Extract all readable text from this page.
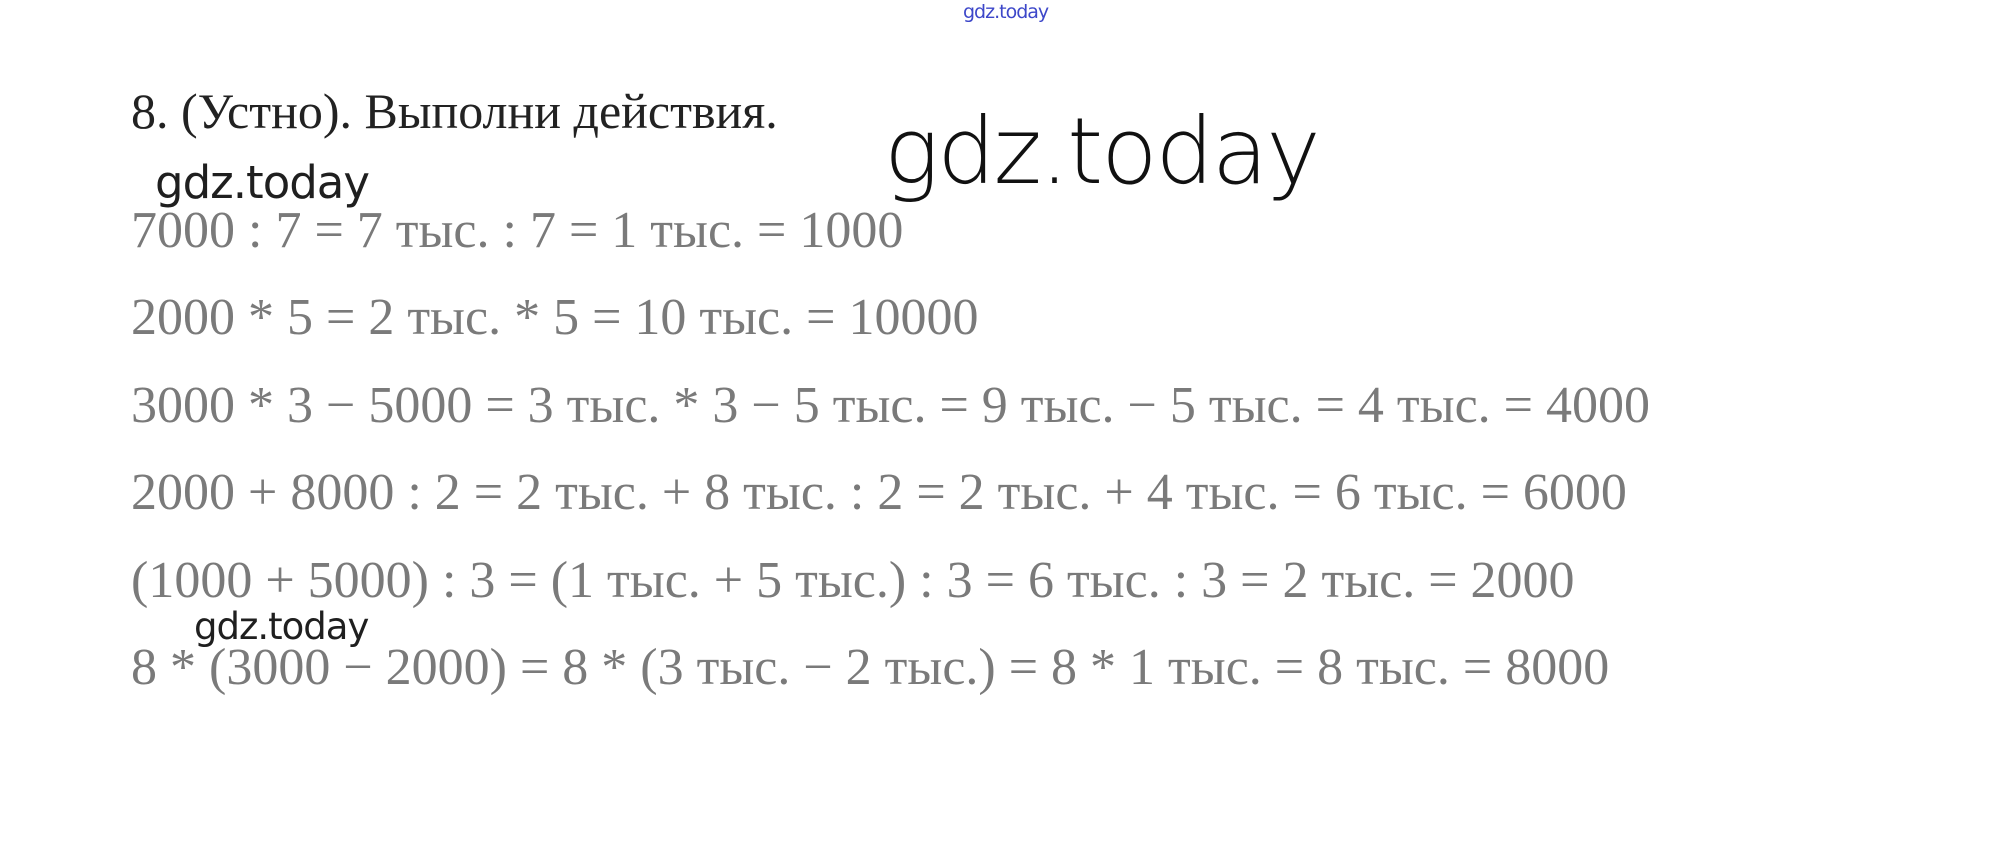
gdz.today
8. (Устно). Выполни действия. gdz.today
gdz.today
7000 : 7 = 7 тыс. : 7 = 1 тыс. = 1000
2000 * 5 = 2 тыс. * 5 = 10 тыс. = 10000
3000 * 3 − 5000 = 3 тыс. * 3 − 5 тыс. = 9 тыс. − 5 тыс. = 4 тыс. = 4000
2000 + 8000 : 2 = 2 тыс. + 8 тыс. : 2 = 2 тыс. + 4 тыс. = 6 тыс. = 6000
(1000 + 5000) : 3 = (1 тыс. + 5 тыс.) : 3 = 6 тыс. : 3 = 2 тыс. = 2000
8 * (3000 − 2000) = 8 * (3 тыс. − 2 тыс.) = 8 * 1 тыс. = 8 тыс. = 8000
gdz.today
